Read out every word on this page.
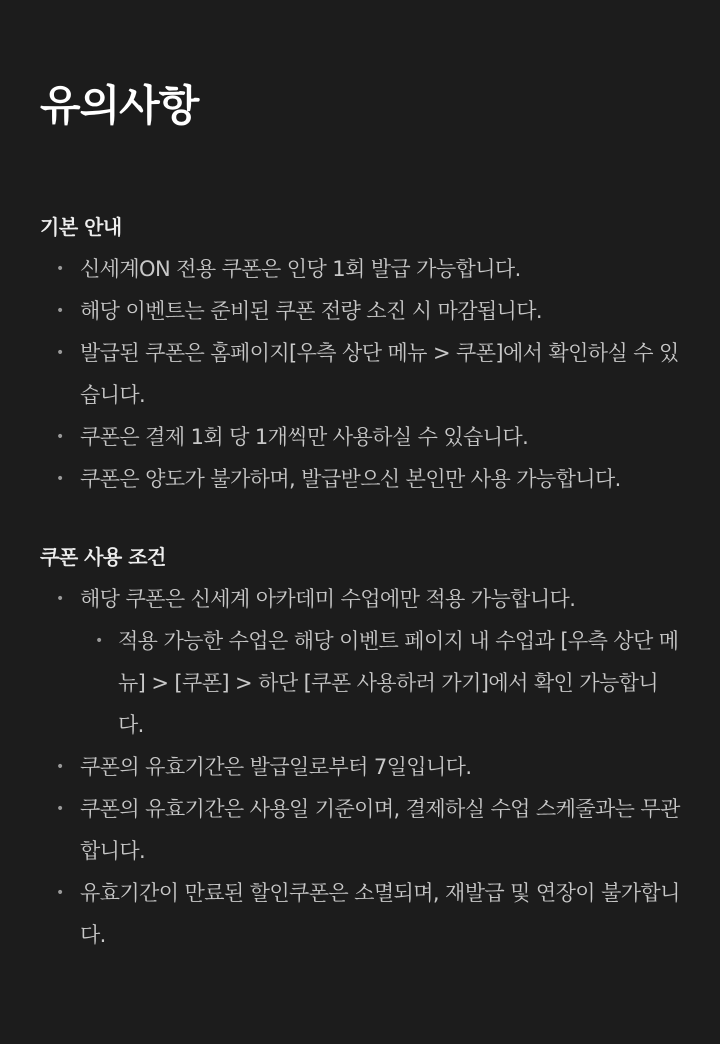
유의사항
기본 안내
• 신세계ON 전용 쿠폰은 인당 1회 발급 가능합니다.
• 해당 이벤트는 준비된 쿠폰 전량 소진 시 마감됩니다.
• 발급된 쿠폰은 홈페이지[우측 상단 메뉴 > 쿠폰]에서 확인하실 수 있습니다.
• 쿠폰은 결제 1회 당 1개씩만 사용하실 수 있습니다.
• 쿠폰은 양도가 불가하며, 발급받으신 본인만 사용 가능합니다.
쿠폰 사용 조건
• 해당 쿠폰은 신세계 아카데미 수업에만 적용 가능합니다.
• 적용 가능한 수업은 해당 이벤트 페이지 내 수업과 [우측 상단 메뉴] > [쿠폰] > 하단 [쿠폰 사용하러 가기]에서 확인 가능합니다.
• 쿠폰의 유효기간은 발급일로부터 7일입니다.
• 쿠폰의 유효기간은 사용일 기준이며, 결제하실 수업 스케줄과는 무관합니다.
• 유효기간이 만료된 할인쿠폰은 소멸되며, 재발급 및 연장이 불가합니다.
